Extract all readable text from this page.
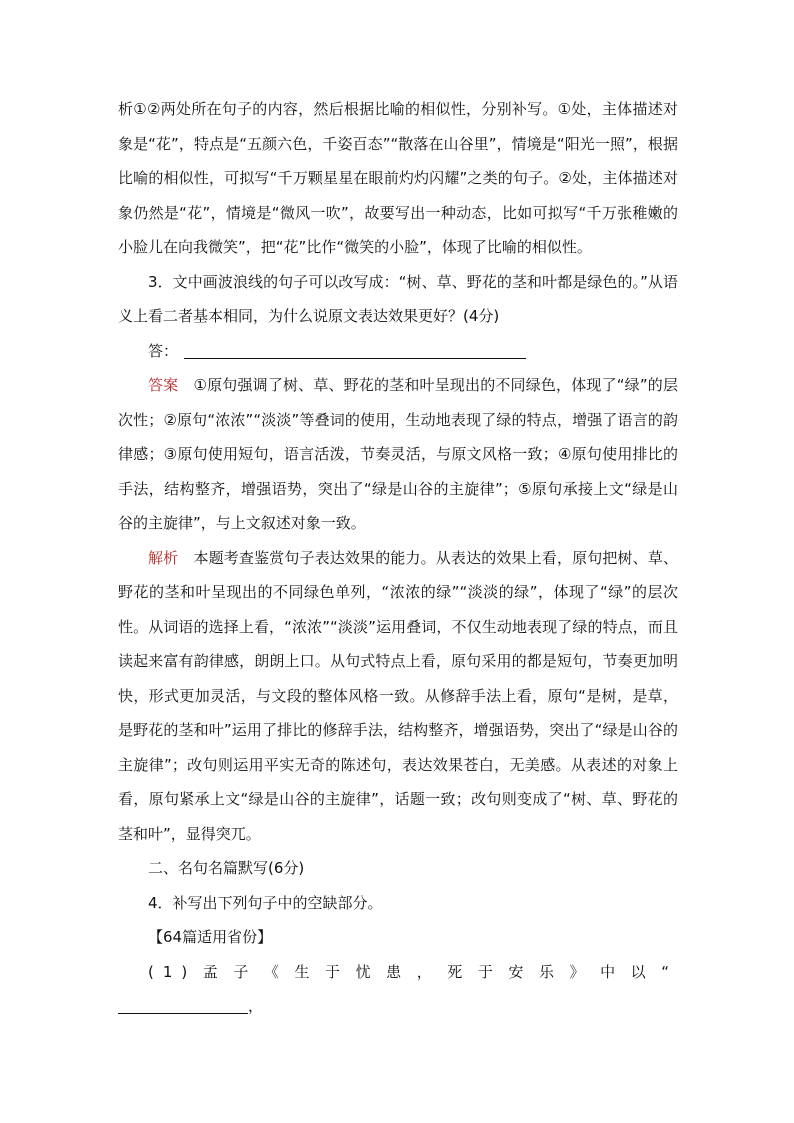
析①②两处所在句子的内容，然后根据比喻的相似性，分别补写。①处，主体描述对象是“花”，特点是“五颜六色，千姿百态”“散落在山谷里”，情境是“阳光一照”，根据比喻的相似性，可拟写“千万颗星星在眼前灼灼闪耀”之类的句子。②处，主体描述对象仍然是“花”，情境是“微风一吹”，故要写出一种动态，比如可拟写“千万张稚嫩的小脸儿在向我微笑”，把“花”比作“微笑的小脸”，体现了比喻的相似性。

3．文中画波浪线的句子可以改写成：“树、草、野花的茎和叶都是绿色的。”从语义上看二者基本相同，为什么说原文表达效果更好？(4分)

答：

答案　 ①原句强调了树、草、野花的茎和叶呈现出的不同绿色，体现了“绿”的层次性；②原句“浓浓”“淡淡”等叠词的使用，生动地表现了绿的特点，增强了语言的韵律感；③原句使用短句，语言活泼，节奏灵活，与原文风格一致；④原句使用排比的手法，结构整齐，增强语势，突出了“绿是山谷的主旋律”；⑤原句承接上文“绿是山谷的主旋律”，与上文叙述对象一致。

解析　 本题考查鉴赏句子表达效果的能力。从表达的效果上看，原句把树、草、野花的茎和叶呈现出的不同绿色单列，“浓浓的绿”“淡淡的绿”，体现了“绿”的层次性。从词语的选择上看，“浓浓”“淡淡”运用叠词，不仅生动地表现了绿的特点，而且读起来富有韵律感，朗朗上口。从句式特点上看，原句采用的都是短句，节奏更加明快，形式更加灵活，与文段的整体风格一致。从修辞手法上看，原句“是树，是草，是野花的茎和叶”运用了排比的修辞手法，结构整齐，增强语势，突出了“绿是山谷的主旋律”；改句则运用平实无奇的陈述句，表达效果苍白，无美感。从表述的对象上看，原句紧承上文“绿是山谷的主旋律”，话题一致；改句则变成了“树、草、野花的茎和叶”，显得突兀。

二、名句名篇默写(6分)

4．补写出下列句子中的空缺部分。

【64篇适用省份】

(1)孟子《生于忧患，死于安乐》中以“，
